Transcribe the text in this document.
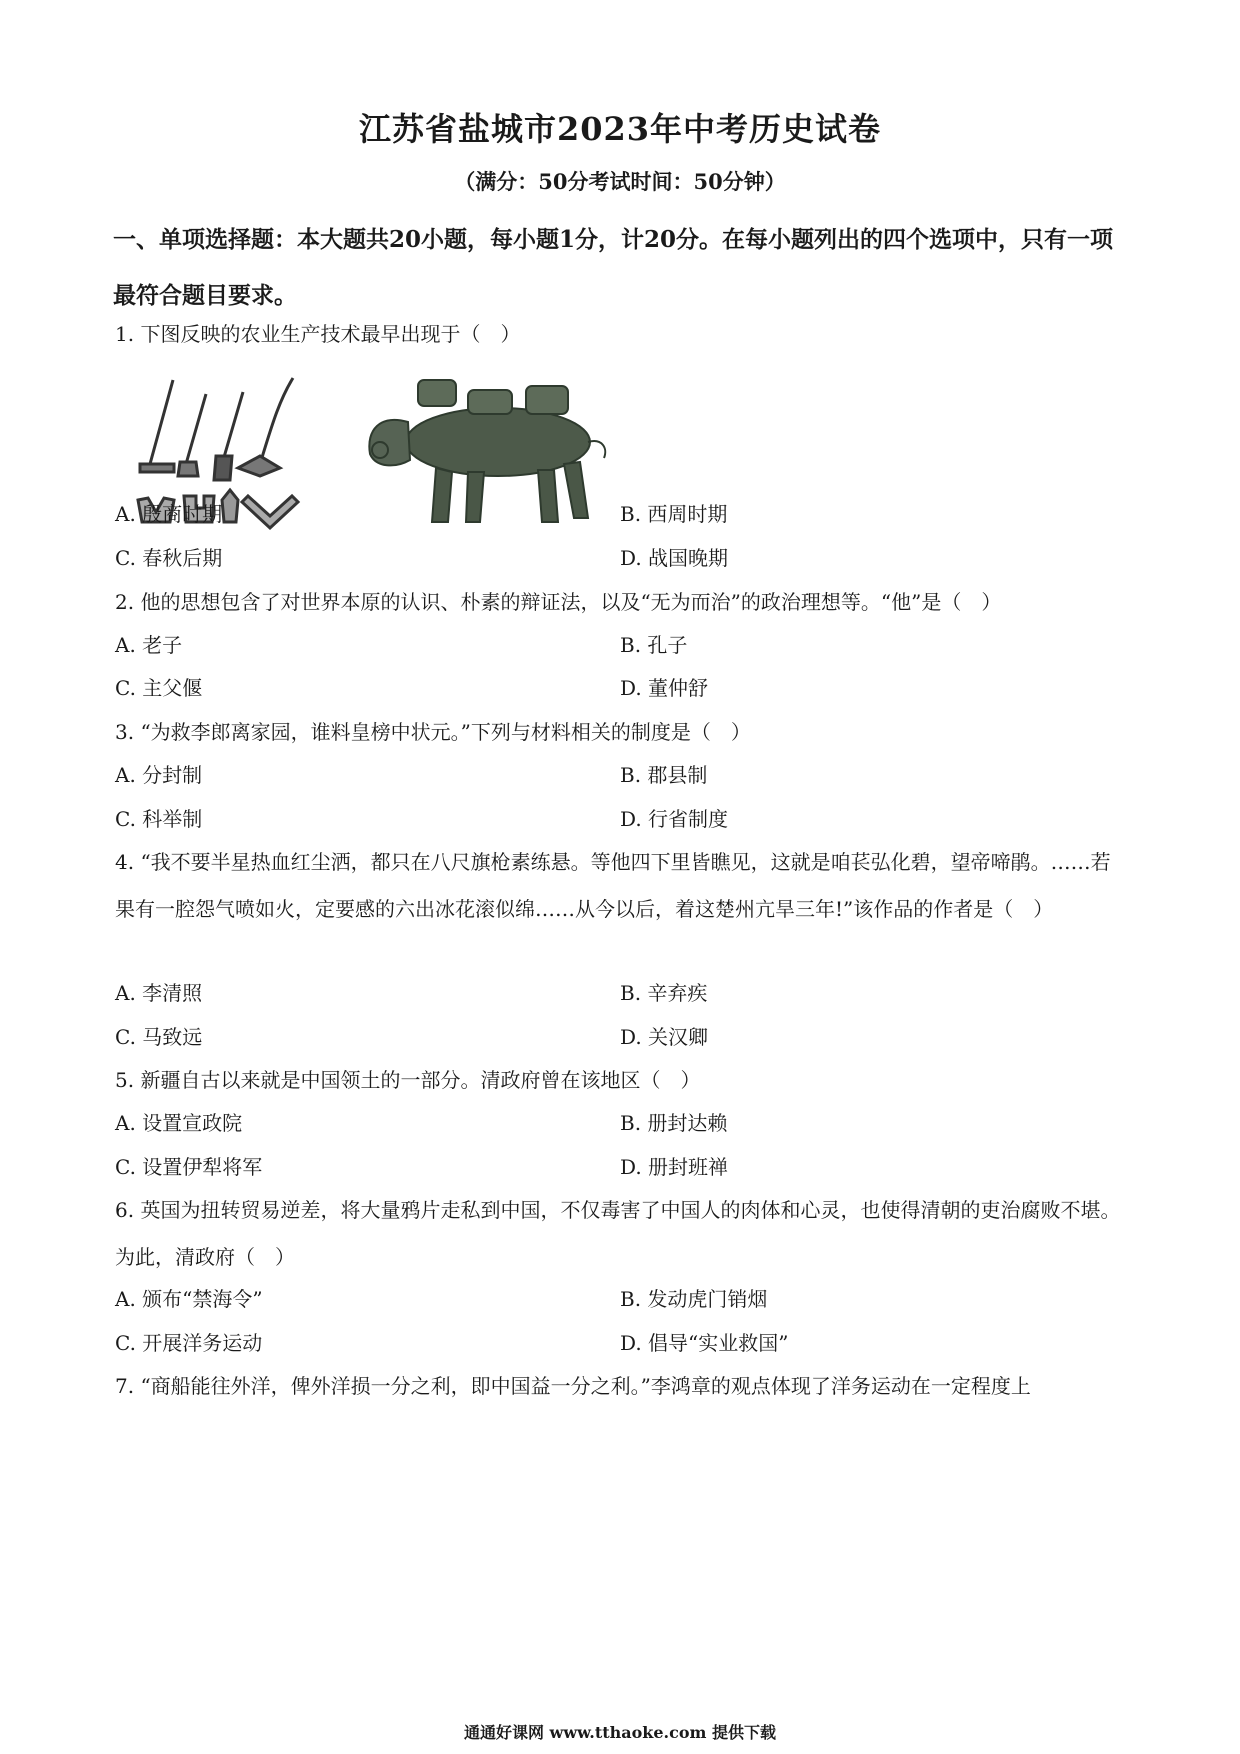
江苏省盐城市2023年中考历史试卷
（满分：50分考试时间：50分钟）
一、单项选择题：本大题共20小题，每小题1分，计20分。在每小题列出的四个选项中，只有一项最符合题目要求。
1. 下图反映的农业生产技术最早出现于（　）
A. 殷商时期	B. 西周时期
C. 春秋后期	D. 战国晚期
2. 他的思想包含了对世界本原的认识、朴素的辩证法，以及“无为而治”的政治理想等。“他”是（　）
A. 老子	B. 孔子
C. 主父偃	D. 董仲舒
3. “为救李郎离家园，谁料皇榜中状元。”下列与材料相关的制度是（　）
A. 分封制	B. 郡县制
C. 科举制	D. 行省制度
4. “我不要半星热血红尘洒，都只在八尺旗枪素练悬。等他四下里皆瞧见，这就是咱苌弘化碧，望帝啼鹃。……若果有一腔怨气喷如火，定要感的六出冰花滚似绵……从今以后，着这楚州亢旱三年!”该作品的作者是（　）
A. 李清照	B. 辛弃疾
C. 马致远	D. 关汉卿
5. 新疆自古以来就是中国领土的一部分。清政府曾在该地区（　）
A. 设置宣政院	B. 册封达赖
C. 设置伊犁将军	D. 册封班禅
6. 英国为扭转贸易逆差，将大量鸦片走私到中国，不仅毒害了中国人的肉体和心灵，也使得清朝的吏治腐败不堪。为此，清政府（　）
A. 颁布“禁海令”	B. 发动虎门销烟
C. 开展洋务运动	D. 倡导“实业救国”
7. “商船能往外洋，俾外洋损一分之利，即中国益一分之利。”李鸿章的观点体现了洋务运动在一定程度上
通通好课网 www.tthaoke.com 提供下载
